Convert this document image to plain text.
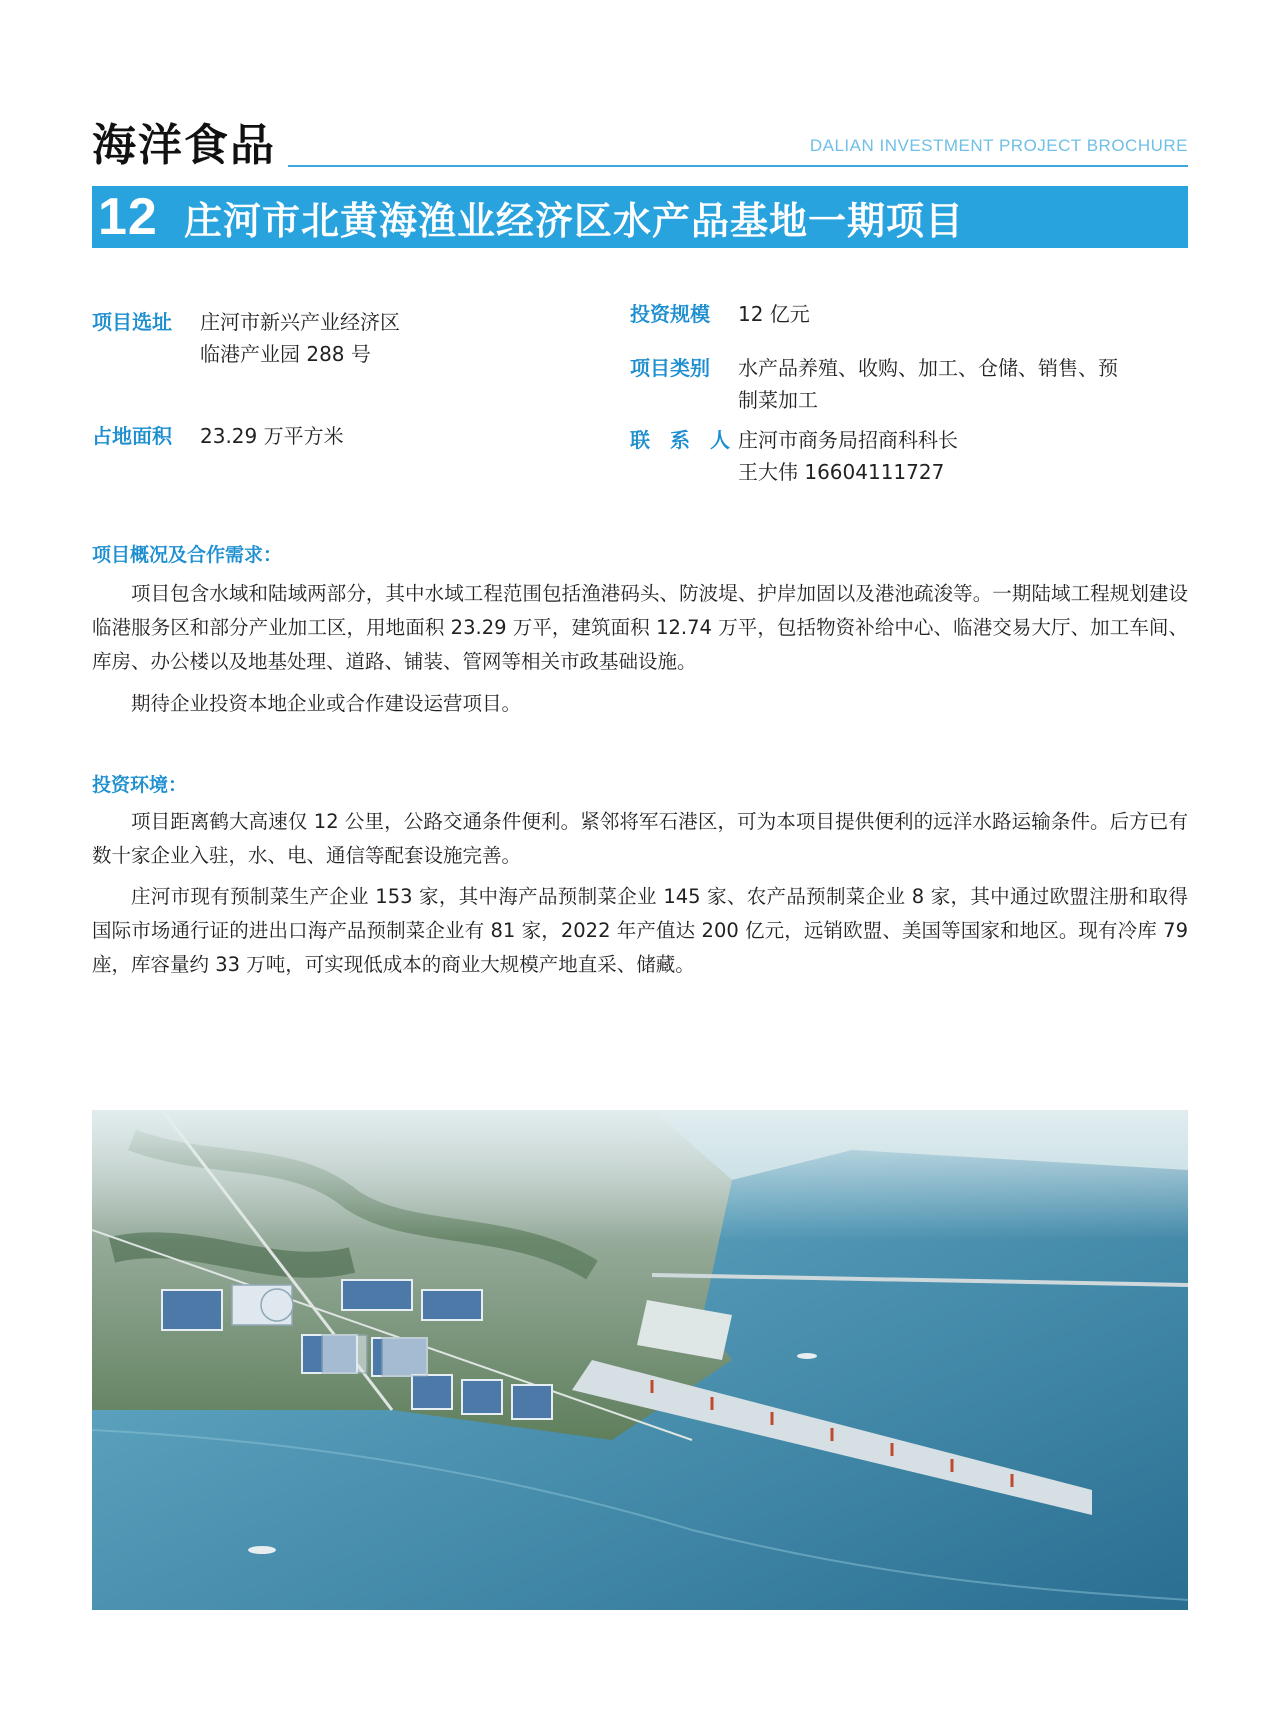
海洋食品	DALIAN INVESTMENT PROJECT BROCHURE
12 庄河市北黄海渔业经济区水产品基地一期项目
项目选址	庄河市新兴产业经济区
临港产业园 288 号
占地面积	23.29 万平方米
投资规模	12 亿元
项目类别	水产品养殖、收购、加工、仓储、销售、预
制菜加工
联　系　人 庄河市商务局招商科科长
王大伟 16604111727
项目概况及合作需求：

项目包含水域和陆域两部分，其中水域工程范围包括渔港码头、防波堤、护岸加固以及港池疏浚等。一期陆域工程规划建设临港服务区和部分产业加工区，用地面积 23.29 万平，建筑面积 12.74 万平，包括物资补给中心、临港交易大厅、加工车间、库房、办公楼以及地基处理、道路、铺装、管网等相关市政基础设施。

期待企业投资本地企业或合作建设运营项目。

投资环境：

项目距离鹤大高速仅 12 公里，公路交通条件便利。紧邻将军石港区，可为本项目提供便利的远洋水路运输条件。后方已有数十家企业入驻，水、电、通信等配套设施完善。

庄河市现有预制菜生产企业 153 家，其中海产品预制菜企业 145 家、农产品预制菜企业 8 家，其中通过欧盟注册和取得国际市场通行证的进出口海产品预制菜企业有 81 家，2022 年产值达 200 亿元，远销欧盟、美国等国家和地区。现有冷库 79 座，库容量约 33 万吨，可实现低成本的商业大规模产地直采、储藏。
